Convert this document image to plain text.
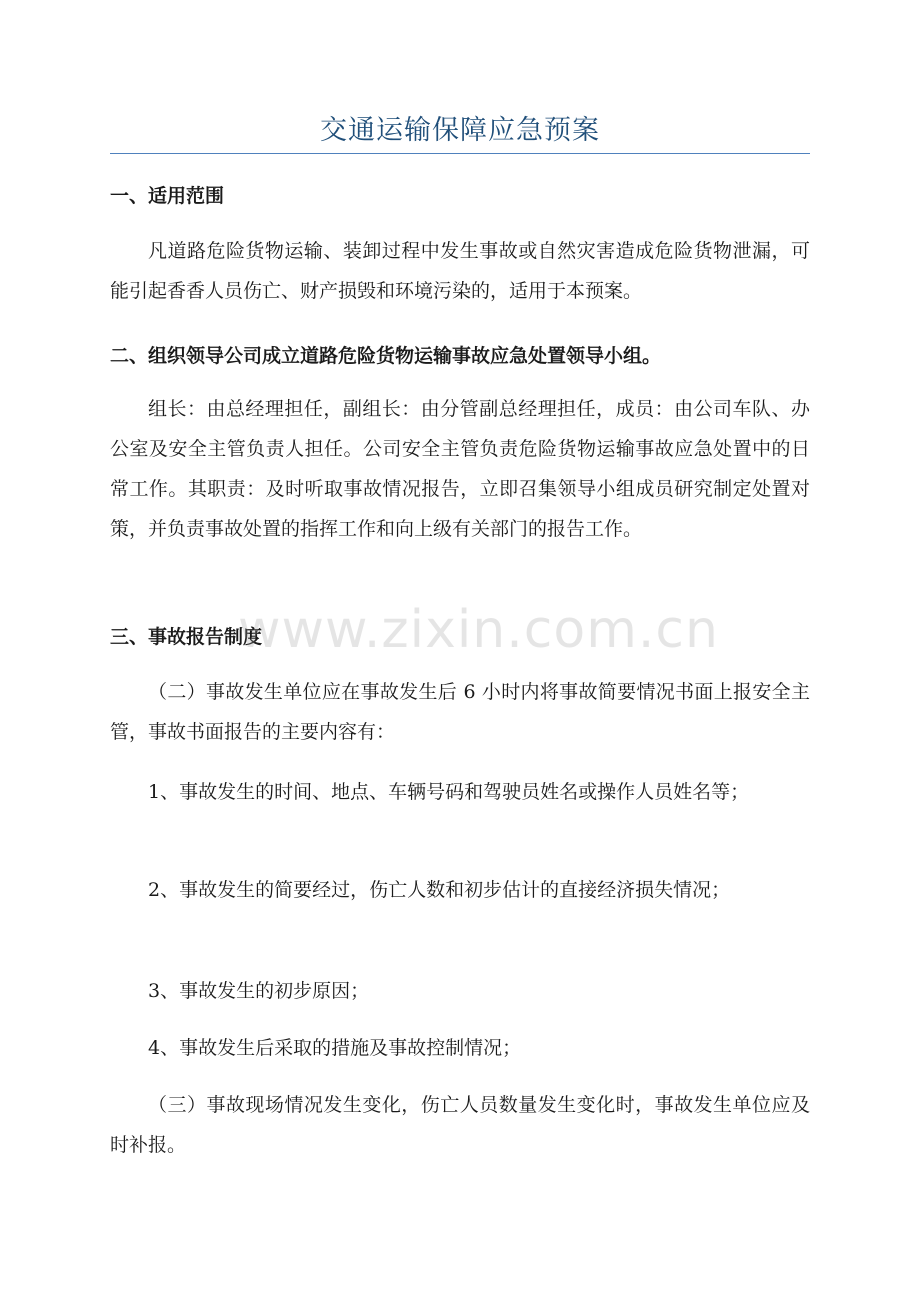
交通运输保障应急预案
一、适用范围
凡道路危险货物运输、装卸过程中发生事故或自然灾害造成危险货物泄漏，可能引起香香人员伤亡、财产损毁和环境污染的，适用于本预案。
二、组织领导公司成立道路危险货物运输事故应急处置领导小组。
组长：由总经理担任，副组长：由分管副总经理担任，成员：由公司车队、办公室及安全主管负责人担任。公司安全主管负责危险货物运输事故应急处置中的日常工作。其职责：及时听取事故情况报告，立即召集领导小组成员研究制定处置对策，并负责事故处置的指挥工作和向上级有关部门的报告工作。
三、事故报告制度
（二）事故发生单位应在事故发生后 6 小时内将事故简要情况书面上报安全主管，事故书面报告的主要内容有：
1、事故发生的时间、地点、车辆号码和驾驶员姓名或操作人员姓名等；
2、事故发生的简要经过，伤亡人数和初步估计的直接经济损失情况；
3、事故发生的初步原因；
4、事故发生后采取的措施及事故控制情况；
（三）事故现场情况发生变化，伤亡人员数量发生变化时，事故发生单位应及时补报。
www.zixin.com.cn
